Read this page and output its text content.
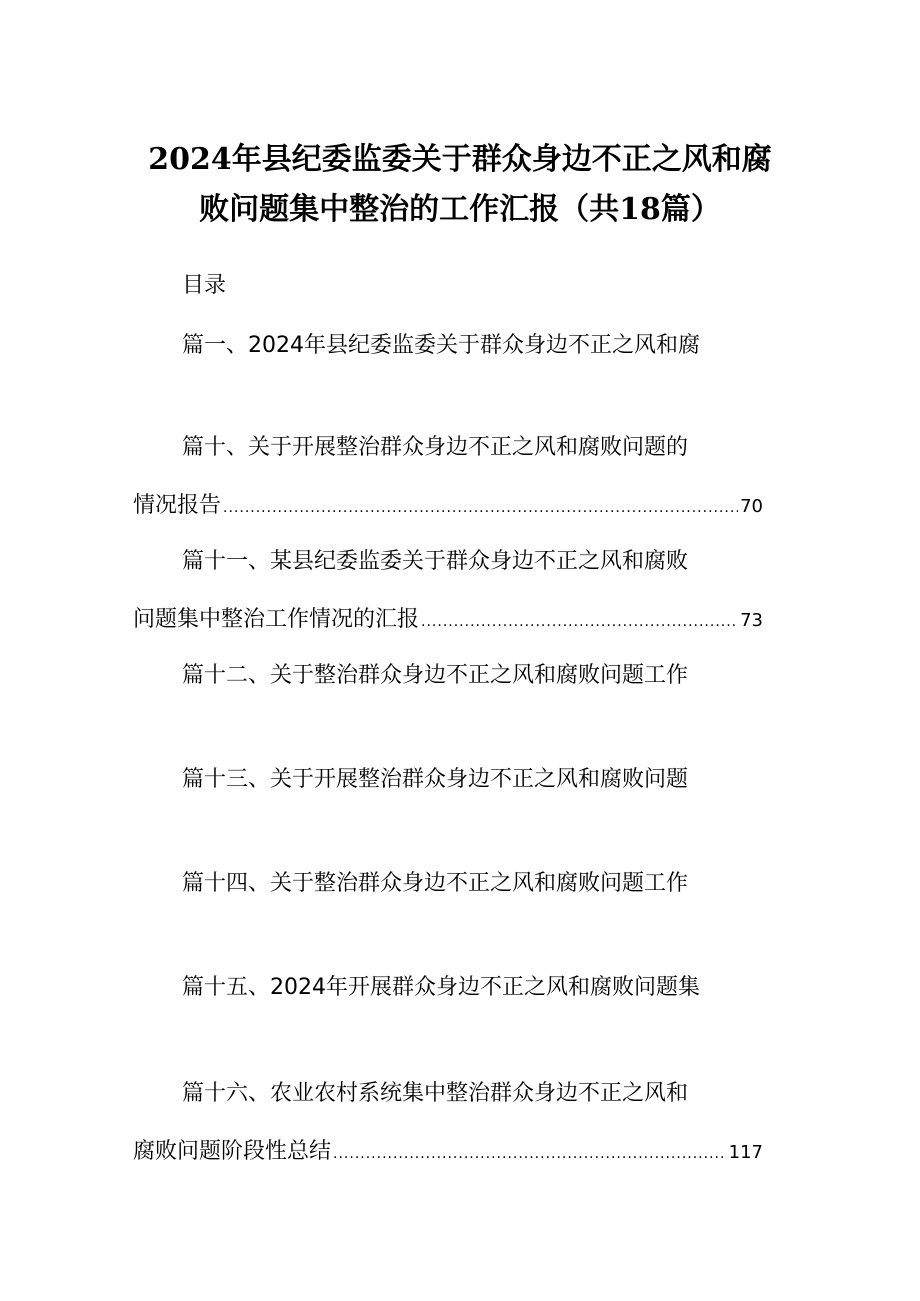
2024年县纪委监委关于群众身边不正之风和腐
败问题集中整治的工作汇报（共18篇）
目录
篇一、2024年县纪委监委关于群众身边不正之风和腐
篇十、关于开展整治群众身边不正之风和腐败问题的
情况报告 .....	70
篇十一、某县纪委监委关于群众身边不正之风和腐败
问题集中整治工作情况的汇报 .....	73
篇十二、关于整治群众身边不正之风和腐败问题工作
篇十三、关于开展整治群众身边不正之风和腐败问题
篇十四、关于整治群众身边不正之风和腐败问题工作
篇十五、2024年开展群众身边不正之风和腐败问题集
篇十六、农业农村系统集中整治群众身边不正之风和
腐败问题阶段性总结 .....	117
